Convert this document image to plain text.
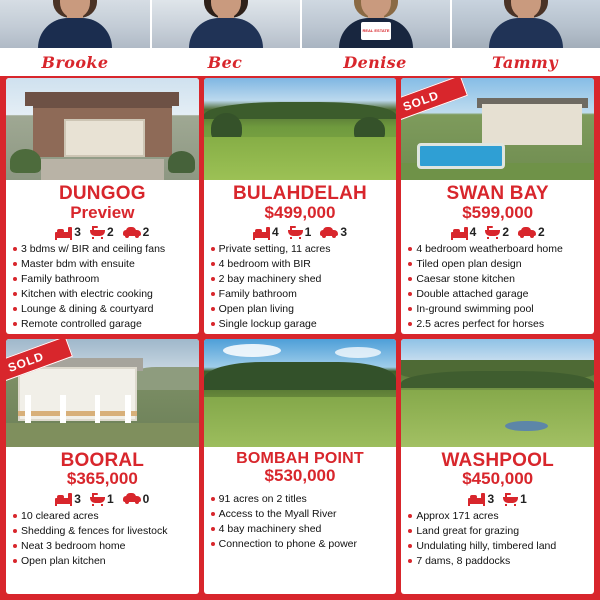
REAL ESTATE
Brooke	Bec	Denise	Tammy
DUNGOG
Preview
3 2 2
3 bdms w/ BIR and ceiling fans
Master bdm with ensuite
Family bathroom
Kitchen with electric cooking
Lounge & dining & courtyard
Remote controlled garage
BULAHDELAH
$499,000
4 1 3
Private setting, 11 acres
4 bedroom with BIR
2 bay machinery shed
Family bathroom
Open plan living
Single lockup garage
SOLD
SWAN BAY
$599,000
4 2 2
4 bedroom weatherboard home
Tiled open plan design
Caesar stone kitchen
Double attached garage
In-ground swimming pool
2.5 acres perfect for horses
SOLD
BOORAL
$365,000
3 1 0
10 cleared acres
Shedding & fences for livestock
Neat 3 bedroom home
Open plan kitchen
BOMBAH POINT
$530,000
91 acres on 2 titles
Access to the Myall River
4 bay machinery shed
Connection to phone & power
WASHPOOL
$450,000
3 1
Approx 171 acres
Land great for grazing
Undulating hilly, timbered land
7 dams, 8 paddocks
